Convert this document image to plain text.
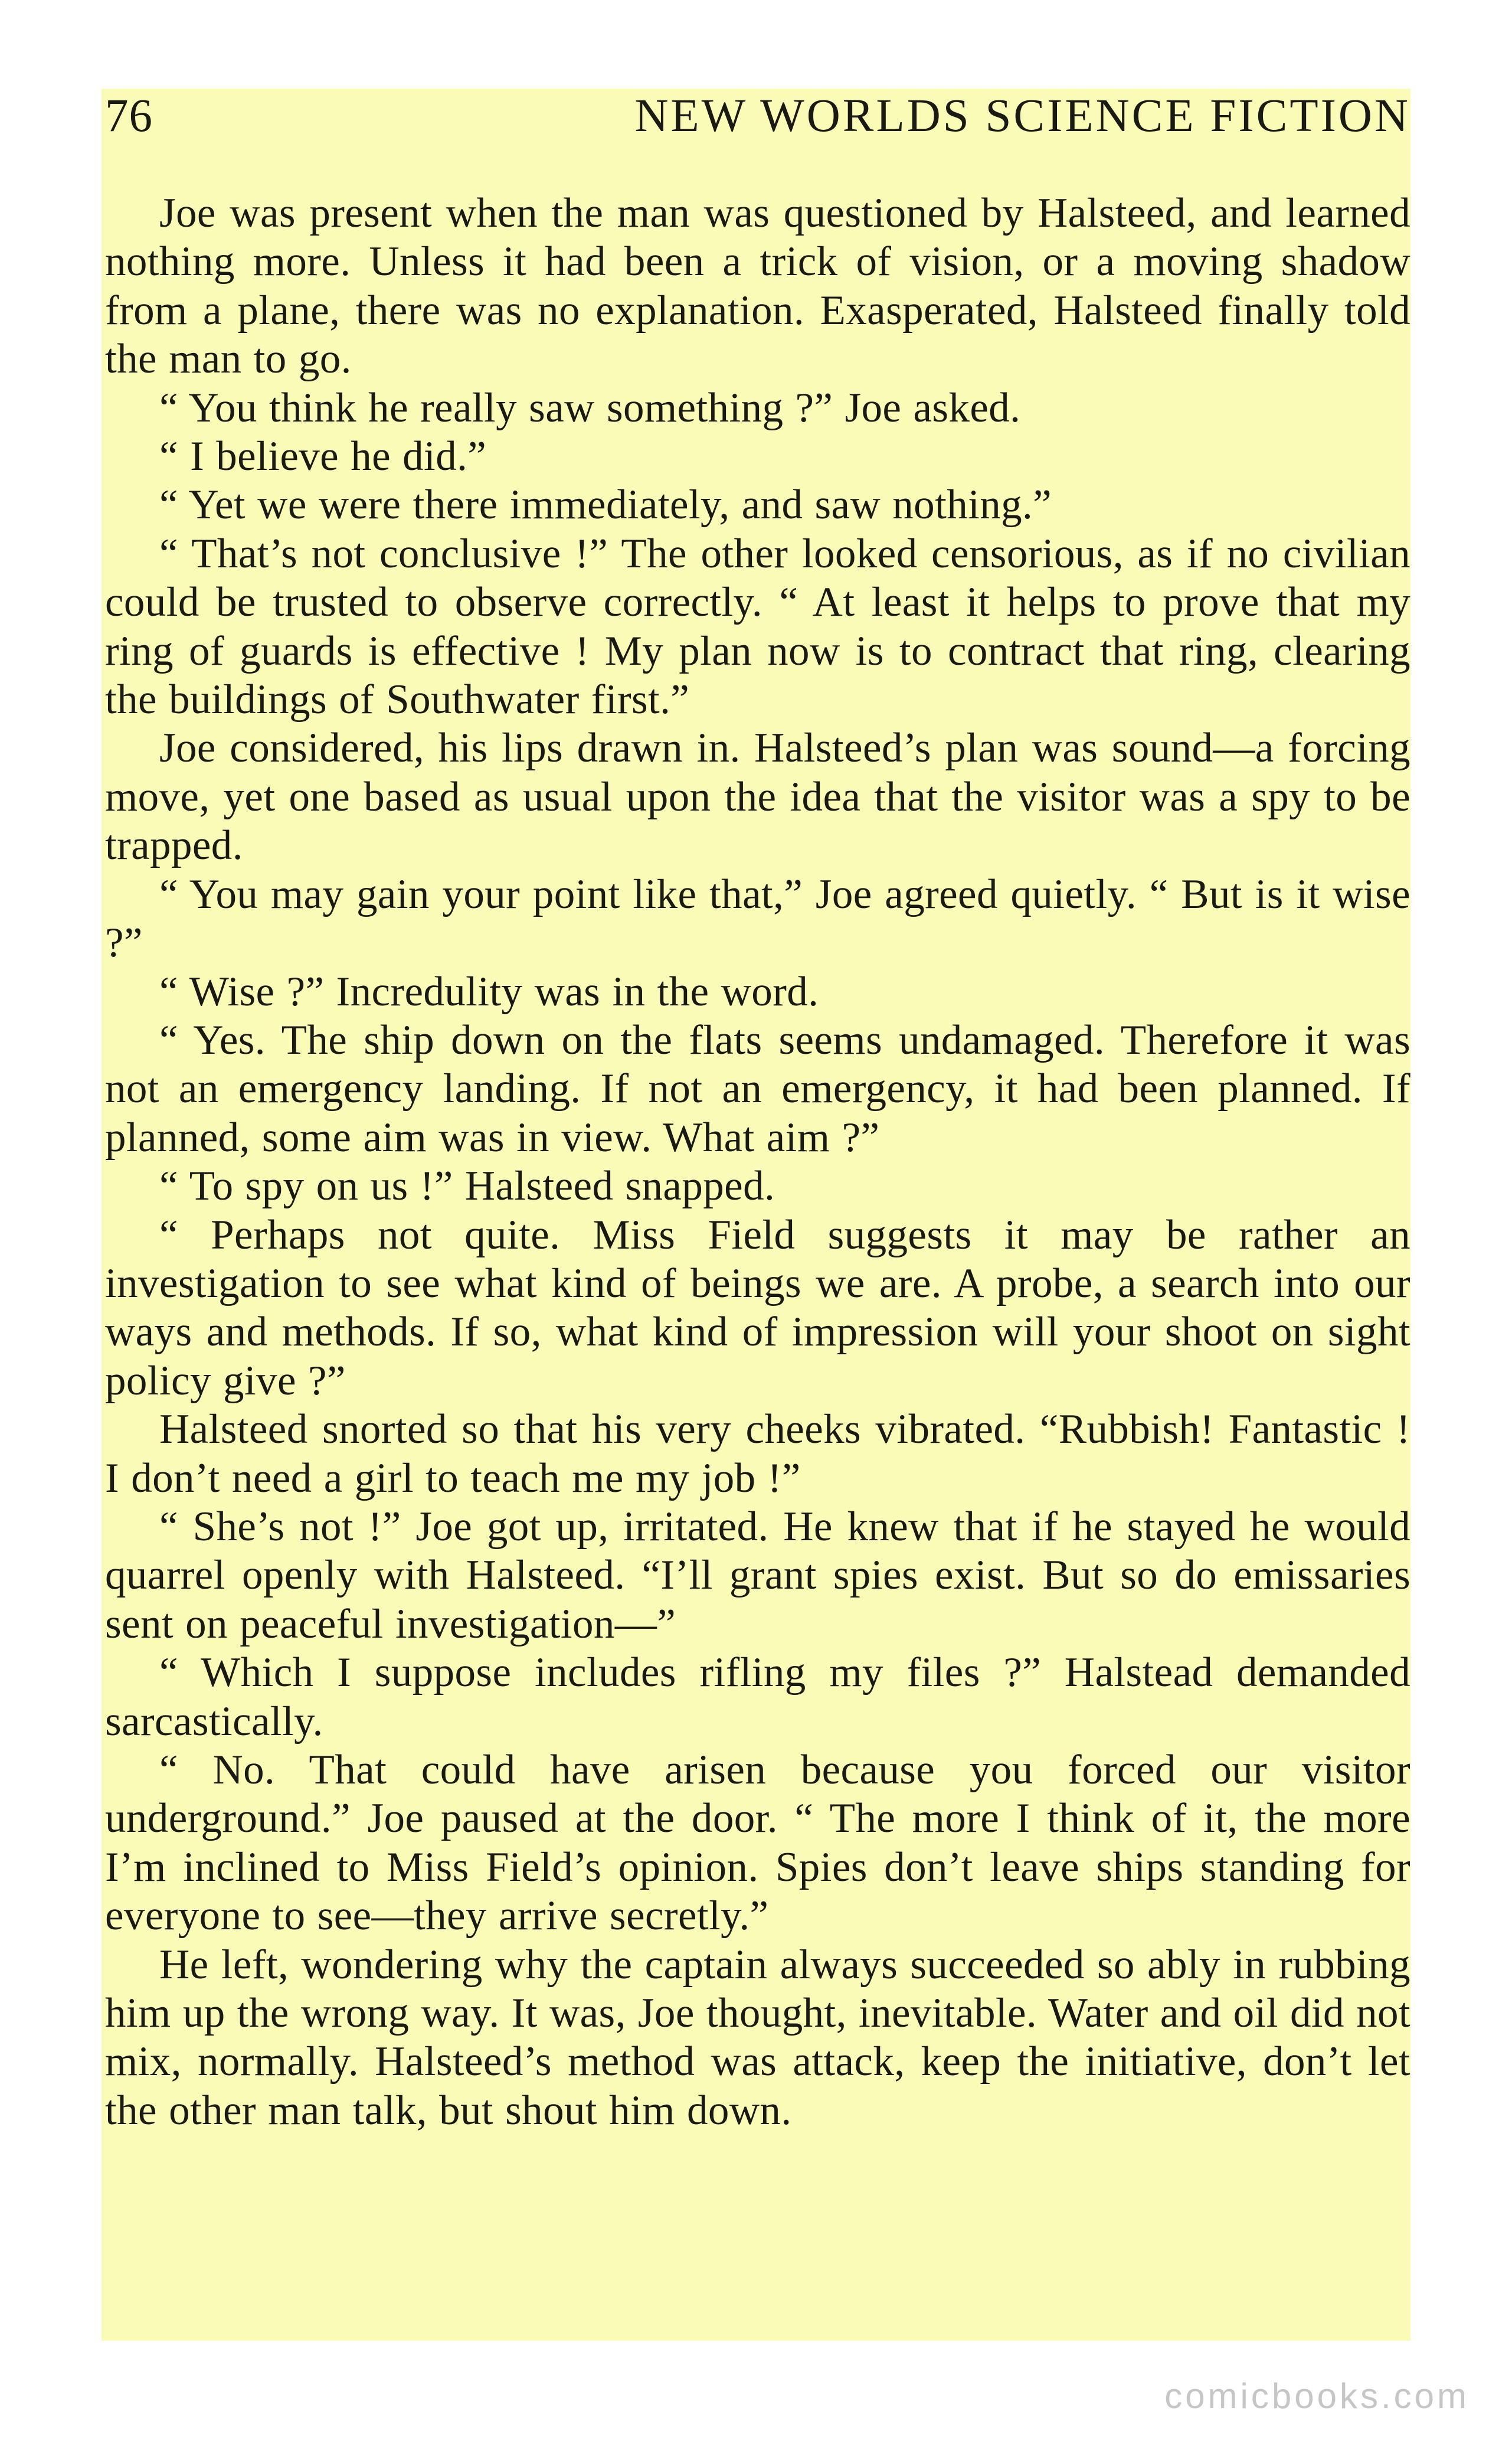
76	NEW WORLDS SCIENCE FICTION

Joe was present when the man was questioned by Halsteed, and learned nothing more. Unless it had been a trick of vision, or a moving shadow from a plane, there was no explanation. Exasperated, Halsteed finally told the man to go.

“ You think he really saw something ?” Joe asked.

“ I believe he did.”

“ Yet we were there immediately, and saw nothing.”

“ That’s not conclusive !” The other looked censorious, as if no civilian could be trusted to observe correctly. “ At least it helps to prove that my ring of guards is effective ! My plan now is to contract that ring, clearing the buildings of Southwater first.”

Joe considered, his lips drawn in. Halsteed’s plan was sound—a forcing move, yet one based as usual upon the idea that the visitor was a spy to be trapped.

“ You may gain your point like that,” Joe agreed quietly. “ But is it wise ?”

“ Wise ?” Incredulity was in the word.

“ Yes. The ship down on the flats seems undamaged. Therefore it was not an emergency landing. If not an emergency, it had been planned. If planned, some aim was in view. What aim ?”

“ To spy on us !” Halsteed snapped.

“ Perhaps not quite. Miss Field suggests it may be rather an investigation to see what kind of beings we are. A probe, a search into our ways and methods. If so, what kind of impression will your shoot on sight policy give ?”

Halsteed snorted so that his very cheeks vibrated. “Rubbish! Fantastic ! I don’t need a girl to teach me my job !”

“ She’s not !” Joe got up, irritated. He knew that if he stayed he would quarrel openly with Halsteed. “I’ll grant spies exist. But so do emissaries sent on peaceful investigation—”

“ Which I suppose includes rifling my files ?” Halstead demanded sarcastically.

“ No. That could have arisen because you forced our visitor underground.” Joe paused at the door. “ The more I think of it, the more I’m inclined to Miss Field’s opinion. Spies don’t leave ships standing for everyone to see—they arrive secretly.”

He left, wondering why the captain always succeeded so ably in rubbing him up the wrong way. It was, Joe thought, inevitable. Water and oil did not mix, normally. Halsteed’s method was attack, keep the initiative, don’t let the other man talk, but shout him down.

comicbooks.com
